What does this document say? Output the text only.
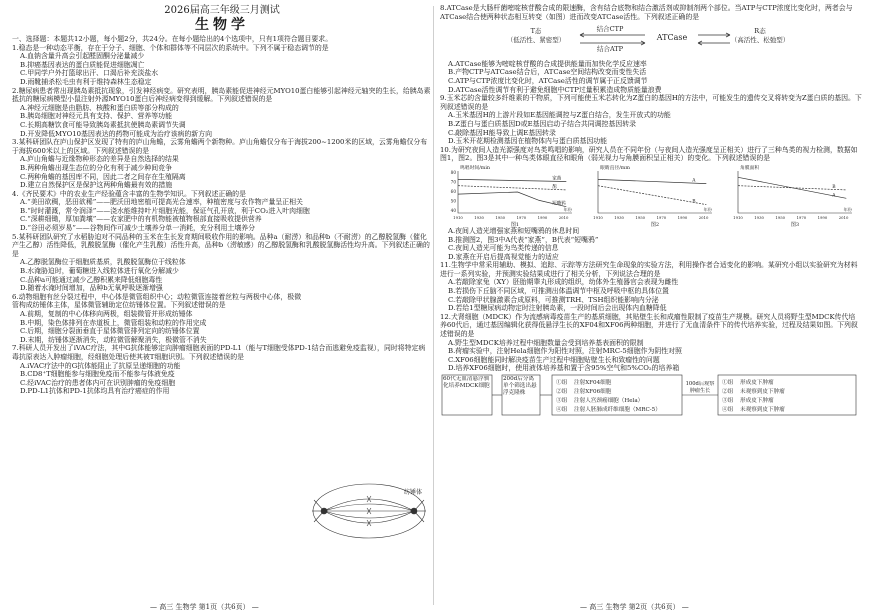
2026届高三年级三月测试
生物学

一、选择题：本题共12小题，每小题2分，共24分。在每小题给出的4个选项中，只有1项符合题目要求。

1.稳态是一种动态平衡，存在于分子、细胞、个体和群体等不同层次的系统中。下列不属于稳态调节的是

A.血钠含量升高会引起醛固酮分泌量减少

B.抑癌基因表达的蛋白质能促进细胞凋亡

C.甲同学户外打篮球出汗、口渴后补充淡盐水

D.雨靴捕杀松毛虫有利于维持森林生态稳定

2.糖尿病患者常出现胰岛素抵抗现象，引发神经病变。研究表明，胰岛素能促进神经元MYO10蛋白能够引起神经元轴突的生长，给胰岛素抵抗的糖尿病模型小鼠注射外源MYO10蛋白后神经病变得到缓解。下列叙述错误的是

A.神经元细胞是由脂肪、核酸和蛋白质等部分构成的

B.胰岛细胞对神经元具有支持、保护、营养等功能

C.长期高糖饮食可能导致胰岛素抵抗使胰岛素调节失调

D.开发降低MYO10基因表达的药物可能成为治疗该病的新方向

3.某科研团队在庐山保护区发现了特有的庐山角蟾，云雾角蟾两个新物种。庐山角蟾仅分布于海拔200~1200米的区域，云雾角蟾仅分布于海拔600米以上的区域。下列叙述错误的是

A.庐山角蟾与近缘物种形态的差异是自然选择的结果

B.两种角蟾出现生态位的分化有利于减少种间竞争

C.两种角蟾的基因库不同，因此二者之间存在生殖隔离

D.建立自然保护区是保护这两种角蟾最有效的措施

4.《齐民要术》中的农业生产经验蕴含丰富的生物学知识。下列叙述正确的是

A.“美田欲稠，恶田欲稀”——肥沃田地密植可提高光合速率，种植密度与农作物产量呈正相关

B.“时时灌溉，常令润泽”——浇水能维持叶片细胞光能，保证气孔开放，利于CO₂进入叶肉细胞

C.“深耕细锄，厚加粪壤”——农家肥中的有机物能被植物根部直接吸收提供营养

D.“谷田必须岁易”——谷物间作可减少土壤养分单一消耗，充分利用土壤养分

5.某科研团队研究了水稻胁迫对不同品种的玉米在生长发育期间吸收作用的影响。品种a（耐涝）和品种b（不耐涝）的乙醇脱氢酶（催化产生乙醇）活性降低，乳酸脱氢酶（催化产生乳酸）活性升高，品种b（涝敏感）的乙醇脱氢酶和乳酸脱氢酶活性均升高。下列叙述正确的是

A.乙醇脱氢酶位于细胞质基质，乳酸脱氢酶位于线粒体

B.水淹胁迫时，葡萄糖进入线粒体进行氧化分解减少

C.品种a可能通过减少乙醇积累来降低细胞毒性

D.随着水淹时间增加，品种b无氧呼吸逐渐增强

6.动物细胞有丝分裂过程中，中心体是微管组织中心；动粒微管连接着丝粒与两极中心体，极微管构成纺锤体主体，星体微管辅助定位纺锤体位置。下列叙述错误的是

A.前期，复制的中心体移向两极，组装微管并形成纺锤体

B.中期，染色体排列在赤道板上，微管组装和动粒的作用完成

C.后期，细胞分裂面垂直于星体微管排列定向的纺锤体位置

D.末期，纺锤体逐渐消失，动粒微管解聚消失，极微管不消失

7.科研人员开发出了iVAC疗法，其中G抗体能够定向肿瘤细胞表面的PD-L1（能与T细胞受体PD-1结合而逃避免疫监视），同时将特定病毒抗原表达入肿瘤细胞，经细胞处理后使其被T细胞识别。下列叙述错误的是

A.iVAC疗法中的G抗体能阻止了抗原呈递细胞的功能

B.CD8⁺T细胞能参与细胞免疫而不能参与体液免疫

C.经iVAC治疗的患者体内可在识别肿瘤的免疫细胞

D.PD-L1抗体和PD-1抗体均具有治疗癌症的作用

纺锤体

8.ATCase是大肠杆菌嘧啶核苷酸合成的限速酶，含有结合底物和结合激活剂或抑制剂两个部位。当ATP与CTP浓度比变化时，两者会与ATCase结合使两种状态相互转变（如图）进而改变ATCase活性。下列叙述正确的是

T态
（低活性、紧密型）
结合CTP
结合ATP
ATCase
R态
（高活性、松弛型）

A.ATCase能够为嘧啶核苷酸的合成提供能量而加快化学反应速率

B.产物CTP与ATCase结合后，ATCase空间结构改变而变性失活

C.ATP与CTP浓度比变化时，ATCase活性的调节属于正反馈调节

D.ATCase活性调节有利于避免细胞中CTP过量积累造成物质能量浪费

9.玉米芯的含量较多纤维素的干物质，下列可能使玉米芯转化为Z蛋白的基因H的方法中，可能发生的遗传交叉将转变为Z蛋白质的基因。下列叙述错误的是

A.玉米基因H的上游片段如E基因能调控与Z蛋白结合，发生开放式的功能

B.Z蛋白与蛋白质基因D或E基因启动子结合共同调控基因转录

C.敲除基因H能导致上调E基因转录

D.玉米开花期检测基因在植物体内与蛋白质基因功能

10.为研究夜间人造光源强度对鸟类鸣唱的影响，研究人员在不同年份（与夜间人造光强度呈正相关）进行了三种鸟类的视力检测，数据如图1，图2。图3是其中一种鸟类体眼直径和眼角（弱光视力与角膜面积呈正相关）的变化。下列叙述错误的是

鸣唱时间/min
80
70
60
50
40
1910	1930	1950	1970	1990	2010
年份
图1
家燕
鹊
短嘴鸦
眼睛直径/mm
1910	1930	1950	1970	1990	2010
年份
图2
A
B
角膜面积
1910	1930	1950	1970	1990	2010
年份
图3
A
B

A.夜间人造光增强家燕和短嘴鸦的休息时间

B.推测图2，图3中A代表“家燕”，B代表“短嘴鸦”

C.夜间人造光可能为鸟类传递的信息

D.家燕在开启后提高视觉能力的适应

11.生物学中常采用辅助、模拟、追踪、示踪等方法研究生命现象的实验方法，利用操作者合适变化的影响。某研究小组以实验研究为材料进行一系列实验，并预测实验结果成进行了相关分析，下列说法合理的是

A.若敲除家兔（XY）胚胎期睾丸形成的组织，幼体外生殖器官会表现为雌性

B.若损伤下丘脑不同区域，可推测出体温调节中枢及呼吸中枢的具体位置

C.若敲除甲状腺激素合成原料，可推测TRH、TSH组织能影响内分泌

D.若给1型糖尿病动物定时注射胰岛素，一段时间后会出现体内血糖降低

12.犬肾细胞（MDCK）作为流感病毒疫苗生产的基质细胞，其贴壁生长和成瘤性限制了疫苗生产规模。研究人员将野生型MDCK传代培养60代后，通过基因编辑化获得低悬浮生长的XF04和XF06两种细胞，并进行了无血清条件下的传代培养实验，过程及结果如图。下列叙述错误的是

A.野生型MDCK培养过程中细胞数量会受到培养基表面积的限制

B.荷瘤实验中，注射Hela细胞作为阳性对照，注射MRC-5细胞作为阴性对照

C.XF06细胞能同时解决疫苗生产过程中细胞贴壁生长和致瘤性的问题

D.培养XF06细胞时，使用液体培养基和置于含95%空气和5%CO₂的培养箱

60代无血清悬浮驯化培养MDCK细胞
200d后分离单个筛选出悬浮克隆株
100d后观察肿瘤生长
①组 注射XF04细胞
②组 注射XF06细胞
③组 注射人宫颈癌细胞（Hela）
④组 注射人胚肺成纤维细胞（MRC-5）
①组 形成皮下肿瘤
②组 未观察到皮下肿瘤
③组 形成皮下肿瘤
④组 未观察到皮下肿瘤
— 高三 生物学 第1页（共6页） —	— 高三 生物学 第2页（共6页） —
